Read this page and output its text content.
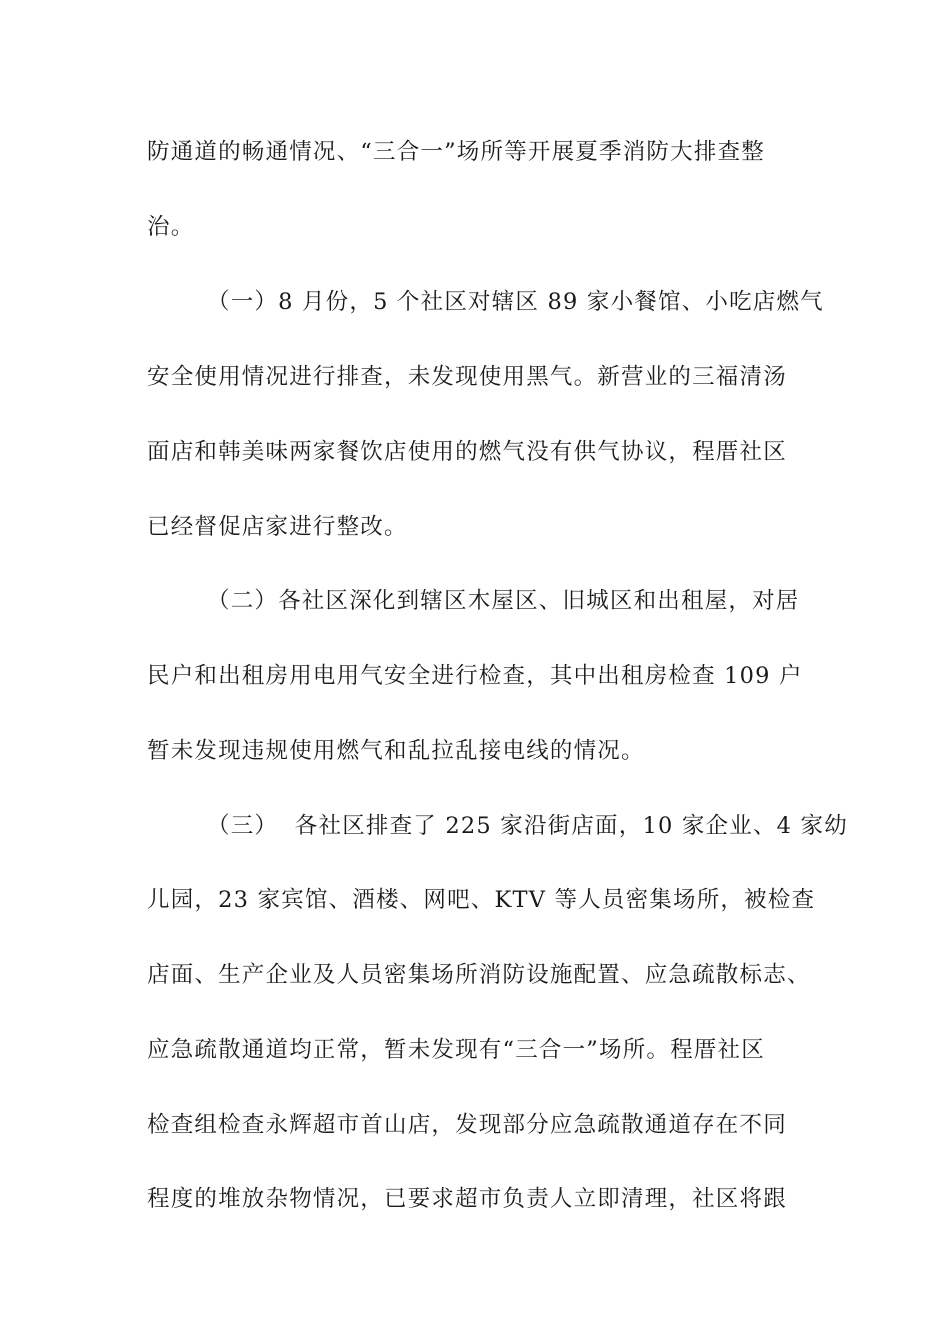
防通道的畅通情况、“三合一”场所等开展夏季消防大排查整
治。
（一）8 月份，5 个社区对辖区 89 家小餐馆、小吃店燃气
安全使用情况进行排查，未发现使用黑气。新营业的三福清汤
面店和韩美味两家餐饮店使用的燃气没有供气协议，程厝社区
已经督促店家进行整改。
（二）各社区深化到辖区木屋区、旧城区和出租屋，对居
民户和出租房用电用气安全进行检查，其中出租房检查 109 户
暂未发现违规使用燃气和乱拉乱接电线的情况。
（三）  各社区排查了 225 家沿街店面，10 家企业、4 家幼
儿园，23 家宾馆、酒楼、网吧、KTV 等人员密集场所，被检查
店面、生产企业及人员密集场所消防设施配置、应急疏散标志、
应急疏散通道均正常，暂未发现有“三合一”场所。程厝社区
检查组检查永辉超市首山店，发现部分应急疏散通道存在不同
程度的堆放杂物情况，已要求超市负责人立即清理，社区将跟
